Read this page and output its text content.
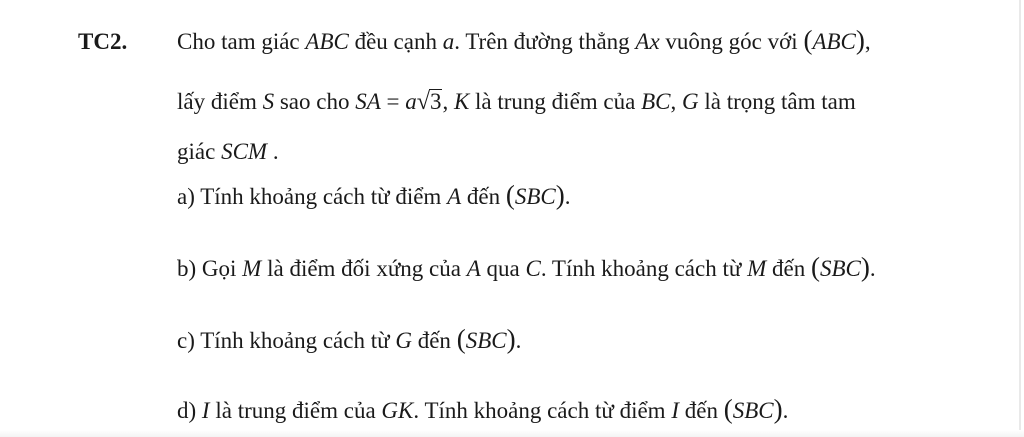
TC2. Cho tam giác ABC đều cạnh a. Trên đường thẳng Ax vuông góc với (ABC),
lấy điểm S sao cho SA = a√3, K là trung điểm của BC, G là trọng tâm tam
giác SCM .
a) Tính khoảng cách từ điểm A đến (SBC).
b) Gọi M là điểm đối xứng của A qua C. Tính khoảng cách từ M đến (SBC).
c) Tính khoảng cách từ G đến (SBC).
d) I là trung điểm của GK. Tính khoảng cách từ điểm I đến (SBC).
